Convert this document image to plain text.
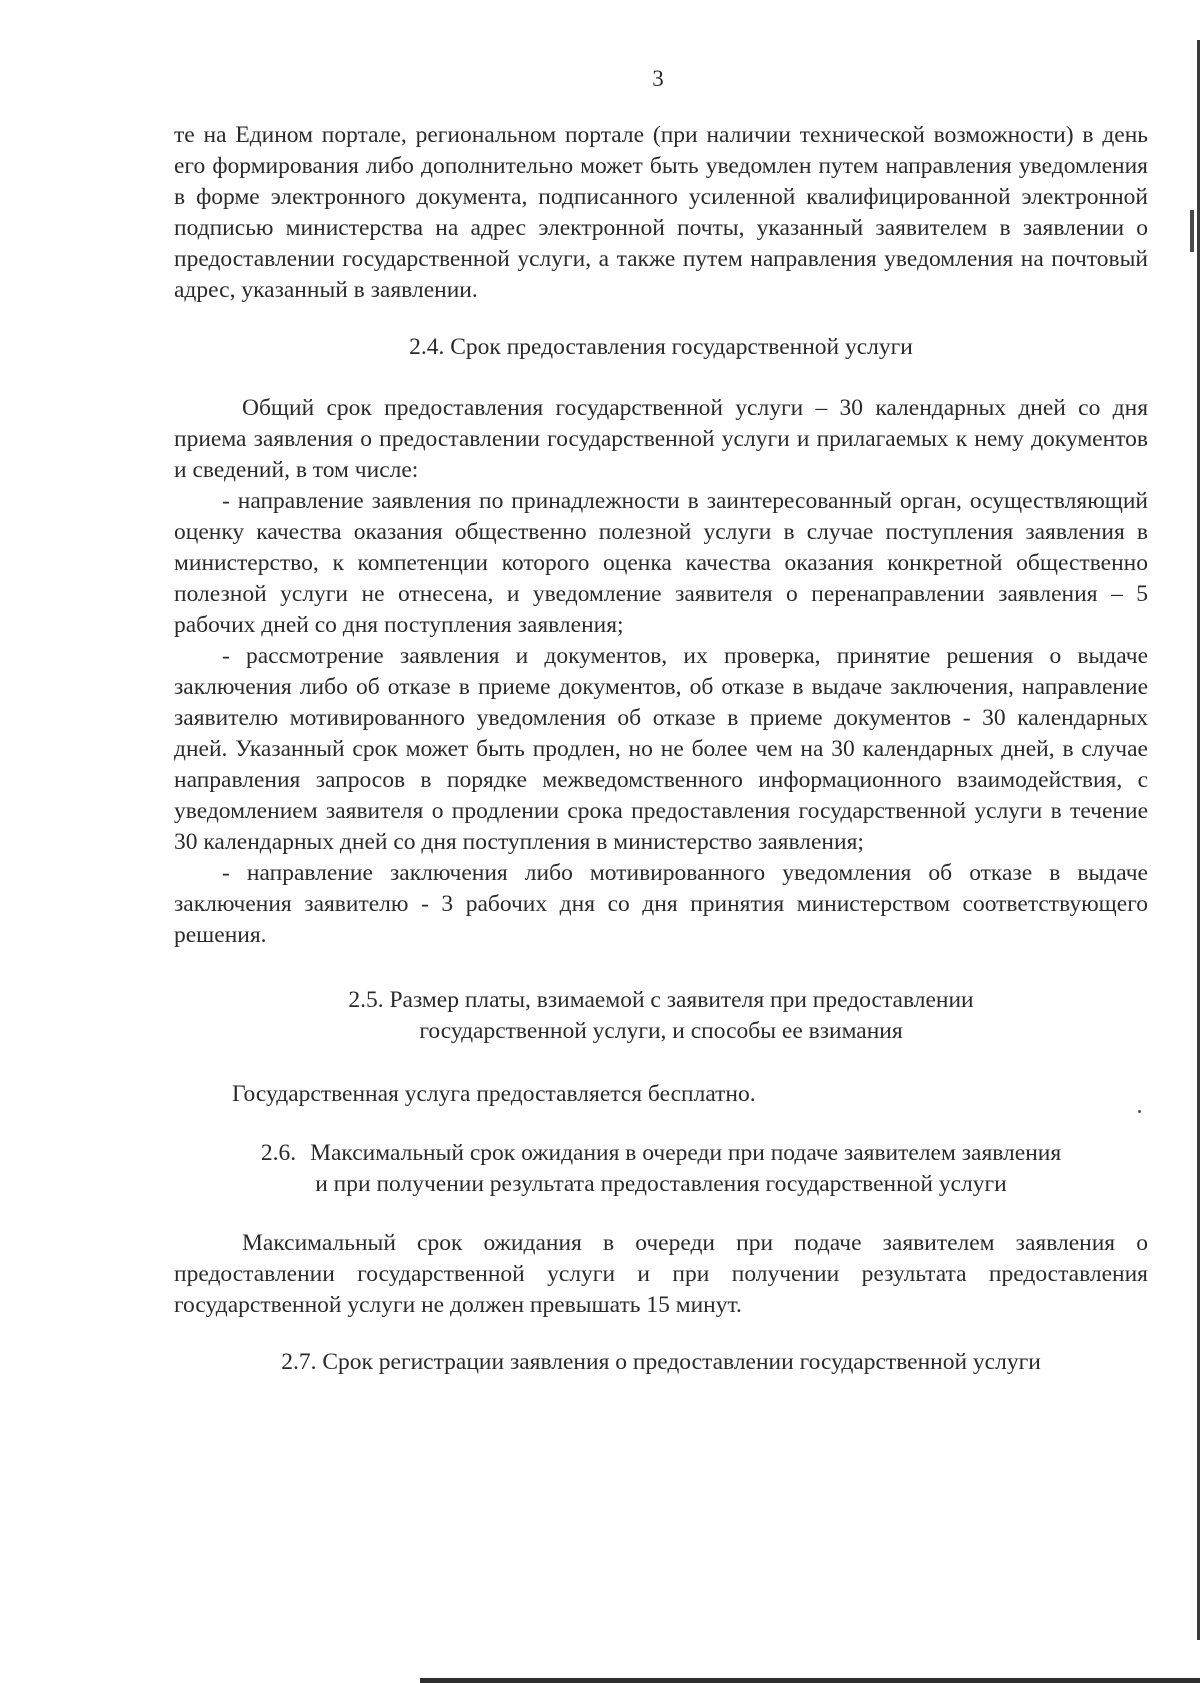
3

те на Едином портале, региональном портале (при наличии технической возможности) в день его формирования либо дополнительно может быть уведомлен путем направления уведомления в форме электронного документа, подписанного усиленной квалифицированной электронной подписью министерства на адрес электронной почты, указанный заявителем в заявлении о предоставлении государственной услуги, а также путем направления уведомления на почтовый адрес, указанный в заявлении.

2.4. Срок предоставления государственной услуги

Общий срок предоставления государственной услуги – 30 календарных дней со дня приема заявления о предоставлении государственной услуги и прилагаемых к нему документов и сведений, в том числе:

- направление заявления по принадлежности в заинтересованный орган, осуществляющий оценку качества оказания общественно полезной услуги в случае поступления заявления в министерство, к компетенции которого оценка качества оказания конкретной общественно полезной услуги не отнесена, и уведомление заявителя о перенаправлении заявления – 5 рабочих дней со дня поступления заявления;

- рассмотрение заявления и документов, их проверка, принятие решения о выдаче заключения либо об отказе в приеме документов, об отказе в выдаче заключения, направление заявителю мотивированного уведомления об отказе в приеме документов - 30 календарных дней. Указанный срок может быть продлен, но не более чем на 30 календарных дней, в случае направления запросов в порядке межведомственного информационного взаимодействия, с уведомлением заявителя о продлении срока предоставления государственной услуги в течение 30 календарных дней со дня поступления в министерство заявления;

- направление заключения либо мотивированного уведомления об отказе в выдаче заключения заявителю - 3 рабочих дня со дня принятия министерством соответствующего решения.

2.5. Размер платы, взимаемой с заявителя при предоставлении
государственной услуги, и способы ее взимания

Государственная услуга предоставляется бесплатно.

2.6. Максимальный срок ожидания в очереди при подаче заявителем заявления
и при получении результата предоставления государственной услуги

Максимальный срок ожидания в очереди при подаче заявителем заявления о предоставлении государственной услуги и при получении результата предоставления государственной услуги не должен превышать 15 минут.

2.7. Срок регистрации заявления о предоставлении государственной услуги
